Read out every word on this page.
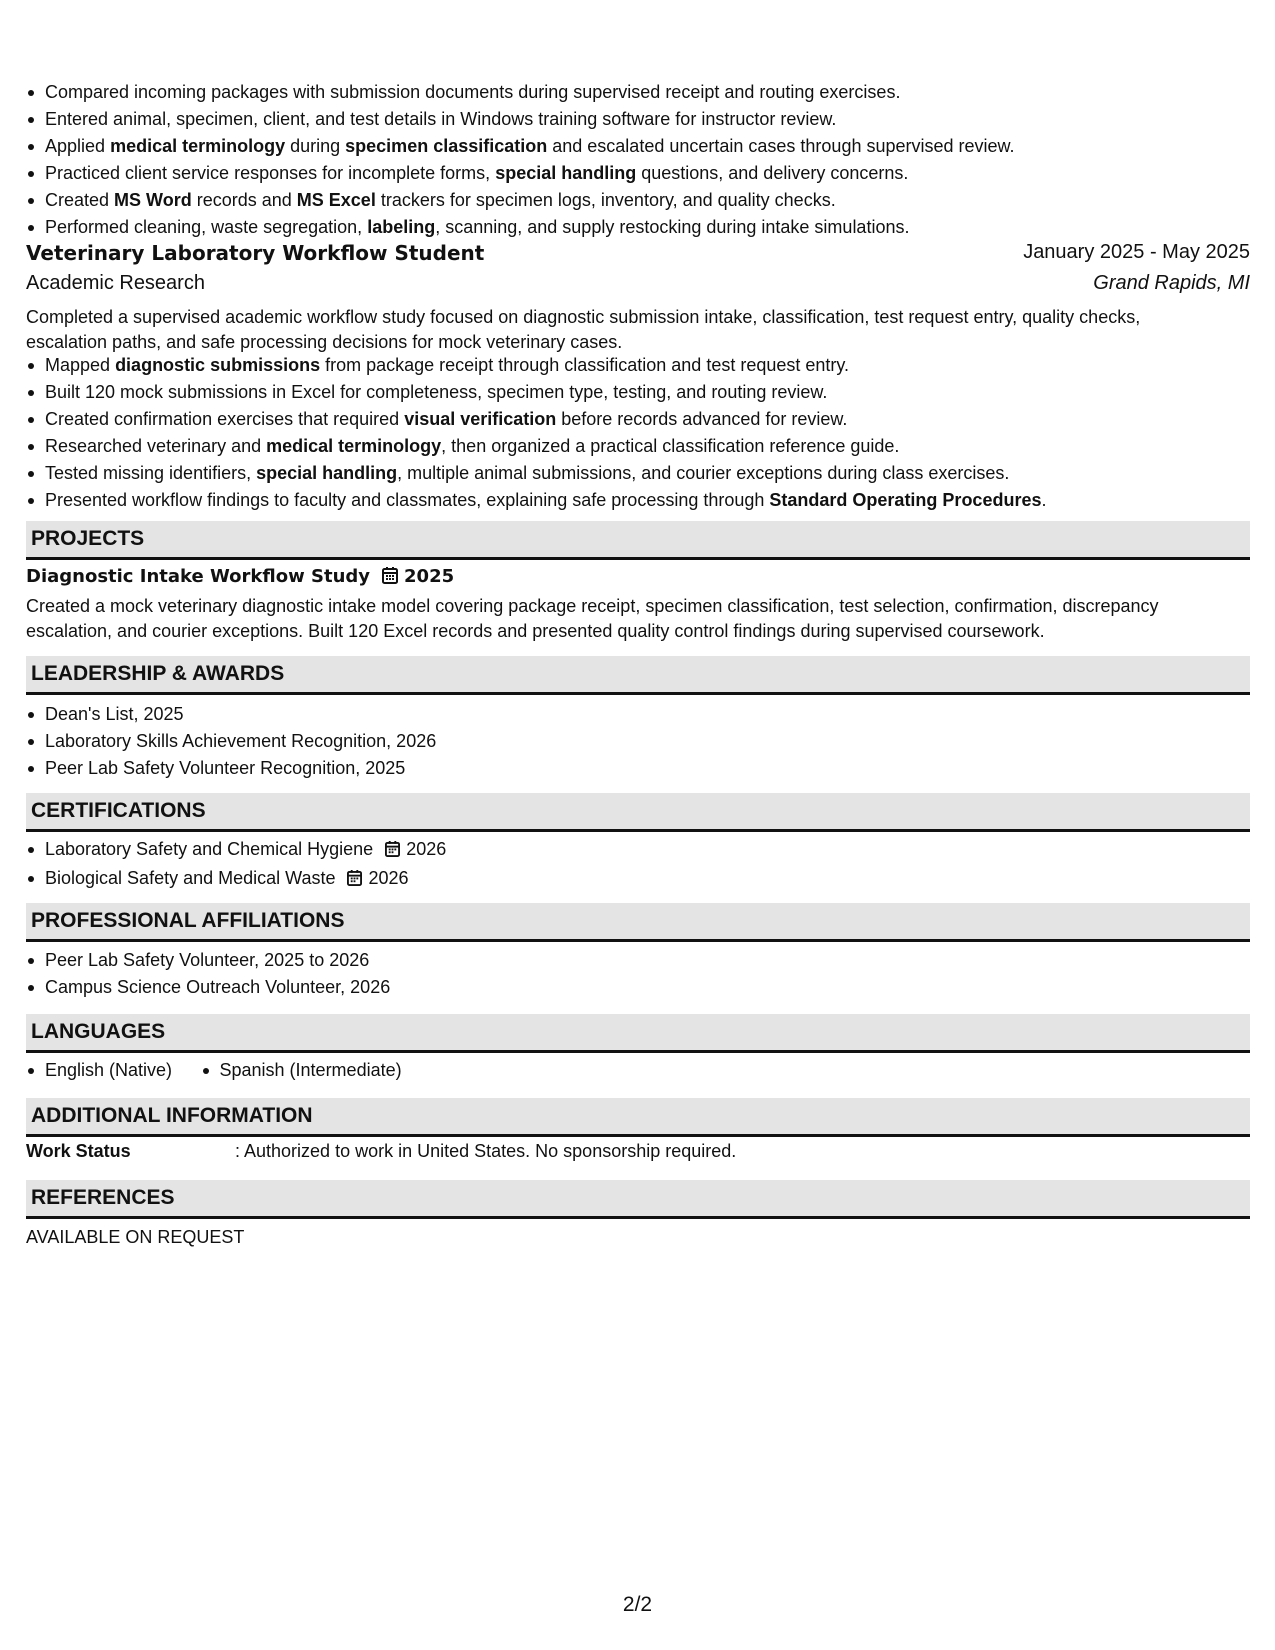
Compared incoming packages with submission documents during supervised receipt and routing exercises.
Entered animal, specimen, client, and test details in Windows training software for instructor review.
Applied medical terminology during specimen classification and escalated uncertain cases through supervised review.
Practiced client service responses for incomplete forms, special handling questions, and delivery concerns.
Created MS Word records and MS Excel trackers for specimen logs, inventory, and quality checks.
Performed cleaning, waste segregation, labeling, scanning, and supply restocking during intake simulations.
Veterinary Laboratory Workflow Student	January 2025 - May 2025
Academic Research	Grand Rapids, MI
Completed a supervised academic workflow study focused on diagnostic submission intake, classification, test request entry, quality checks, escalation paths, and safe processing decisions for mock veterinary cases.
Mapped diagnostic submissions from package receipt through classification and test request entry.
Built 120 mock submissions in Excel for completeness, specimen type, testing, and routing review.
Created confirmation exercises that required visual verification before records advanced for review.
Researched veterinary and medical terminology, then organized a practical classification reference guide.
Tested missing identifiers, special handling, multiple animal submissions, and courier exceptions during class exercises.
Presented workflow findings to faculty and classmates, explaining safe processing through Standard Operating Procedures.
PROJECTS
Diagnostic Intake Workflow Study 2025
Created a mock veterinary diagnostic intake model covering package receipt, specimen classification, test selection, confirmation, discrepancy escalation, and courier exceptions. Built 120 Excel records and presented quality control findings during supervised coursework.
LEADERSHIP & AWARDS
Dean's List, 2025
Laboratory Skills Achievement Recognition, 2026
Peer Lab Safety Volunteer Recognition, 2025
CERTIFICATIONS
Laboratory Safety and Chemical Hygiene 2026
Biological Safety and Medical Waste 2026
PROFESSIONAL AFFILIATIONS
Peer Lab Safety Volunteer, 2025 to 2026
Campus Science Outreach Volunteer, 2026
LANGUAGES
English (Native)	Spanish (Intermediate)
ADDITIONAL INFORMATION
Work Status	: Authorized to work in United States. No sponsorship required.
REFERENCES
AVAILABLE ON REQUEST
2/2
